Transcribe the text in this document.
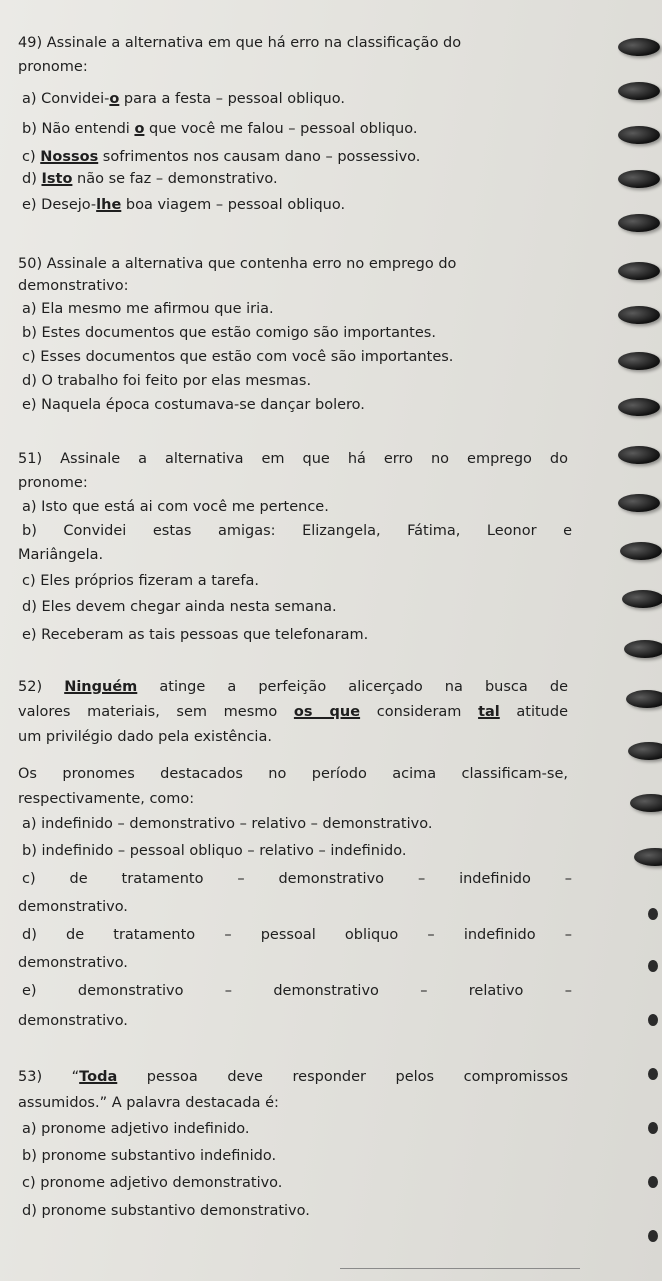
49) Assinale a alternativa em que há erro na classificação do
pronome:
a) Convidei-o para a festa – pessoal obliquo.
b) Não entendi o que você me falou – pessoal obliquo.
c) Nossos sofrimentos nos causam dano – possessivo.
d) Isto não se faz – demonstrativo.
e) Desejo-lhe boa viagem – pessoal obliquo.
50) Assinale a alternativa que contenha erro no emprego do
demonstrativo:
a) Ela mesmo me afirmou que iria.
b) Estes documentos que estão comigo são importantes.
c) Esses documentos que estão com você são importantes.
d) O trabalho foi feito por elas mesmas.
e) Naquela época costumava-se dançar bolero.
51) Assinale a alternativa em que há erro no emprego do
pronome:
a) Isto que está ai com você me pertence.
b) Convidei estas amigas: Elizangela, Fátima, Leonor e
Mariângela.
c) Eles próprios fizeram a tarefa.
d) Eles devem chegar ainda nesta semana.
e) Receberam as tais pessoas que telefonaram.
52) Ninguém atinge a perfeição alicerçado na busca de
valores materiais, sem mesmo os que consideram tal atitude
um privilégio dado pela existência.
Os pronomes destacados no período acima classificam-se,
respectivamente, como:
a) indefinido – demonstrativo – relativo – demonstrativo.
b) indefinido – pessoal obliquo – relativo – indefinido.
c) de tratamento – demonstrativo – indefinido –
demonstrativo.
d) de tratamento – pessoal obliquo – indefinido –
demonstrativo.
e) demonstrativo – demonstrativo – relativo –
demonstrativo.
53) “Toda pessoa deve responder pelos compromissos
assumidos.” A palavra destacada é:
a) pronome adjetivo indefinido.
b) pronome substantivo indefinido.
c) pronome adjetivo demonstrativo.
d) pronome substantivo demonstrativo.
